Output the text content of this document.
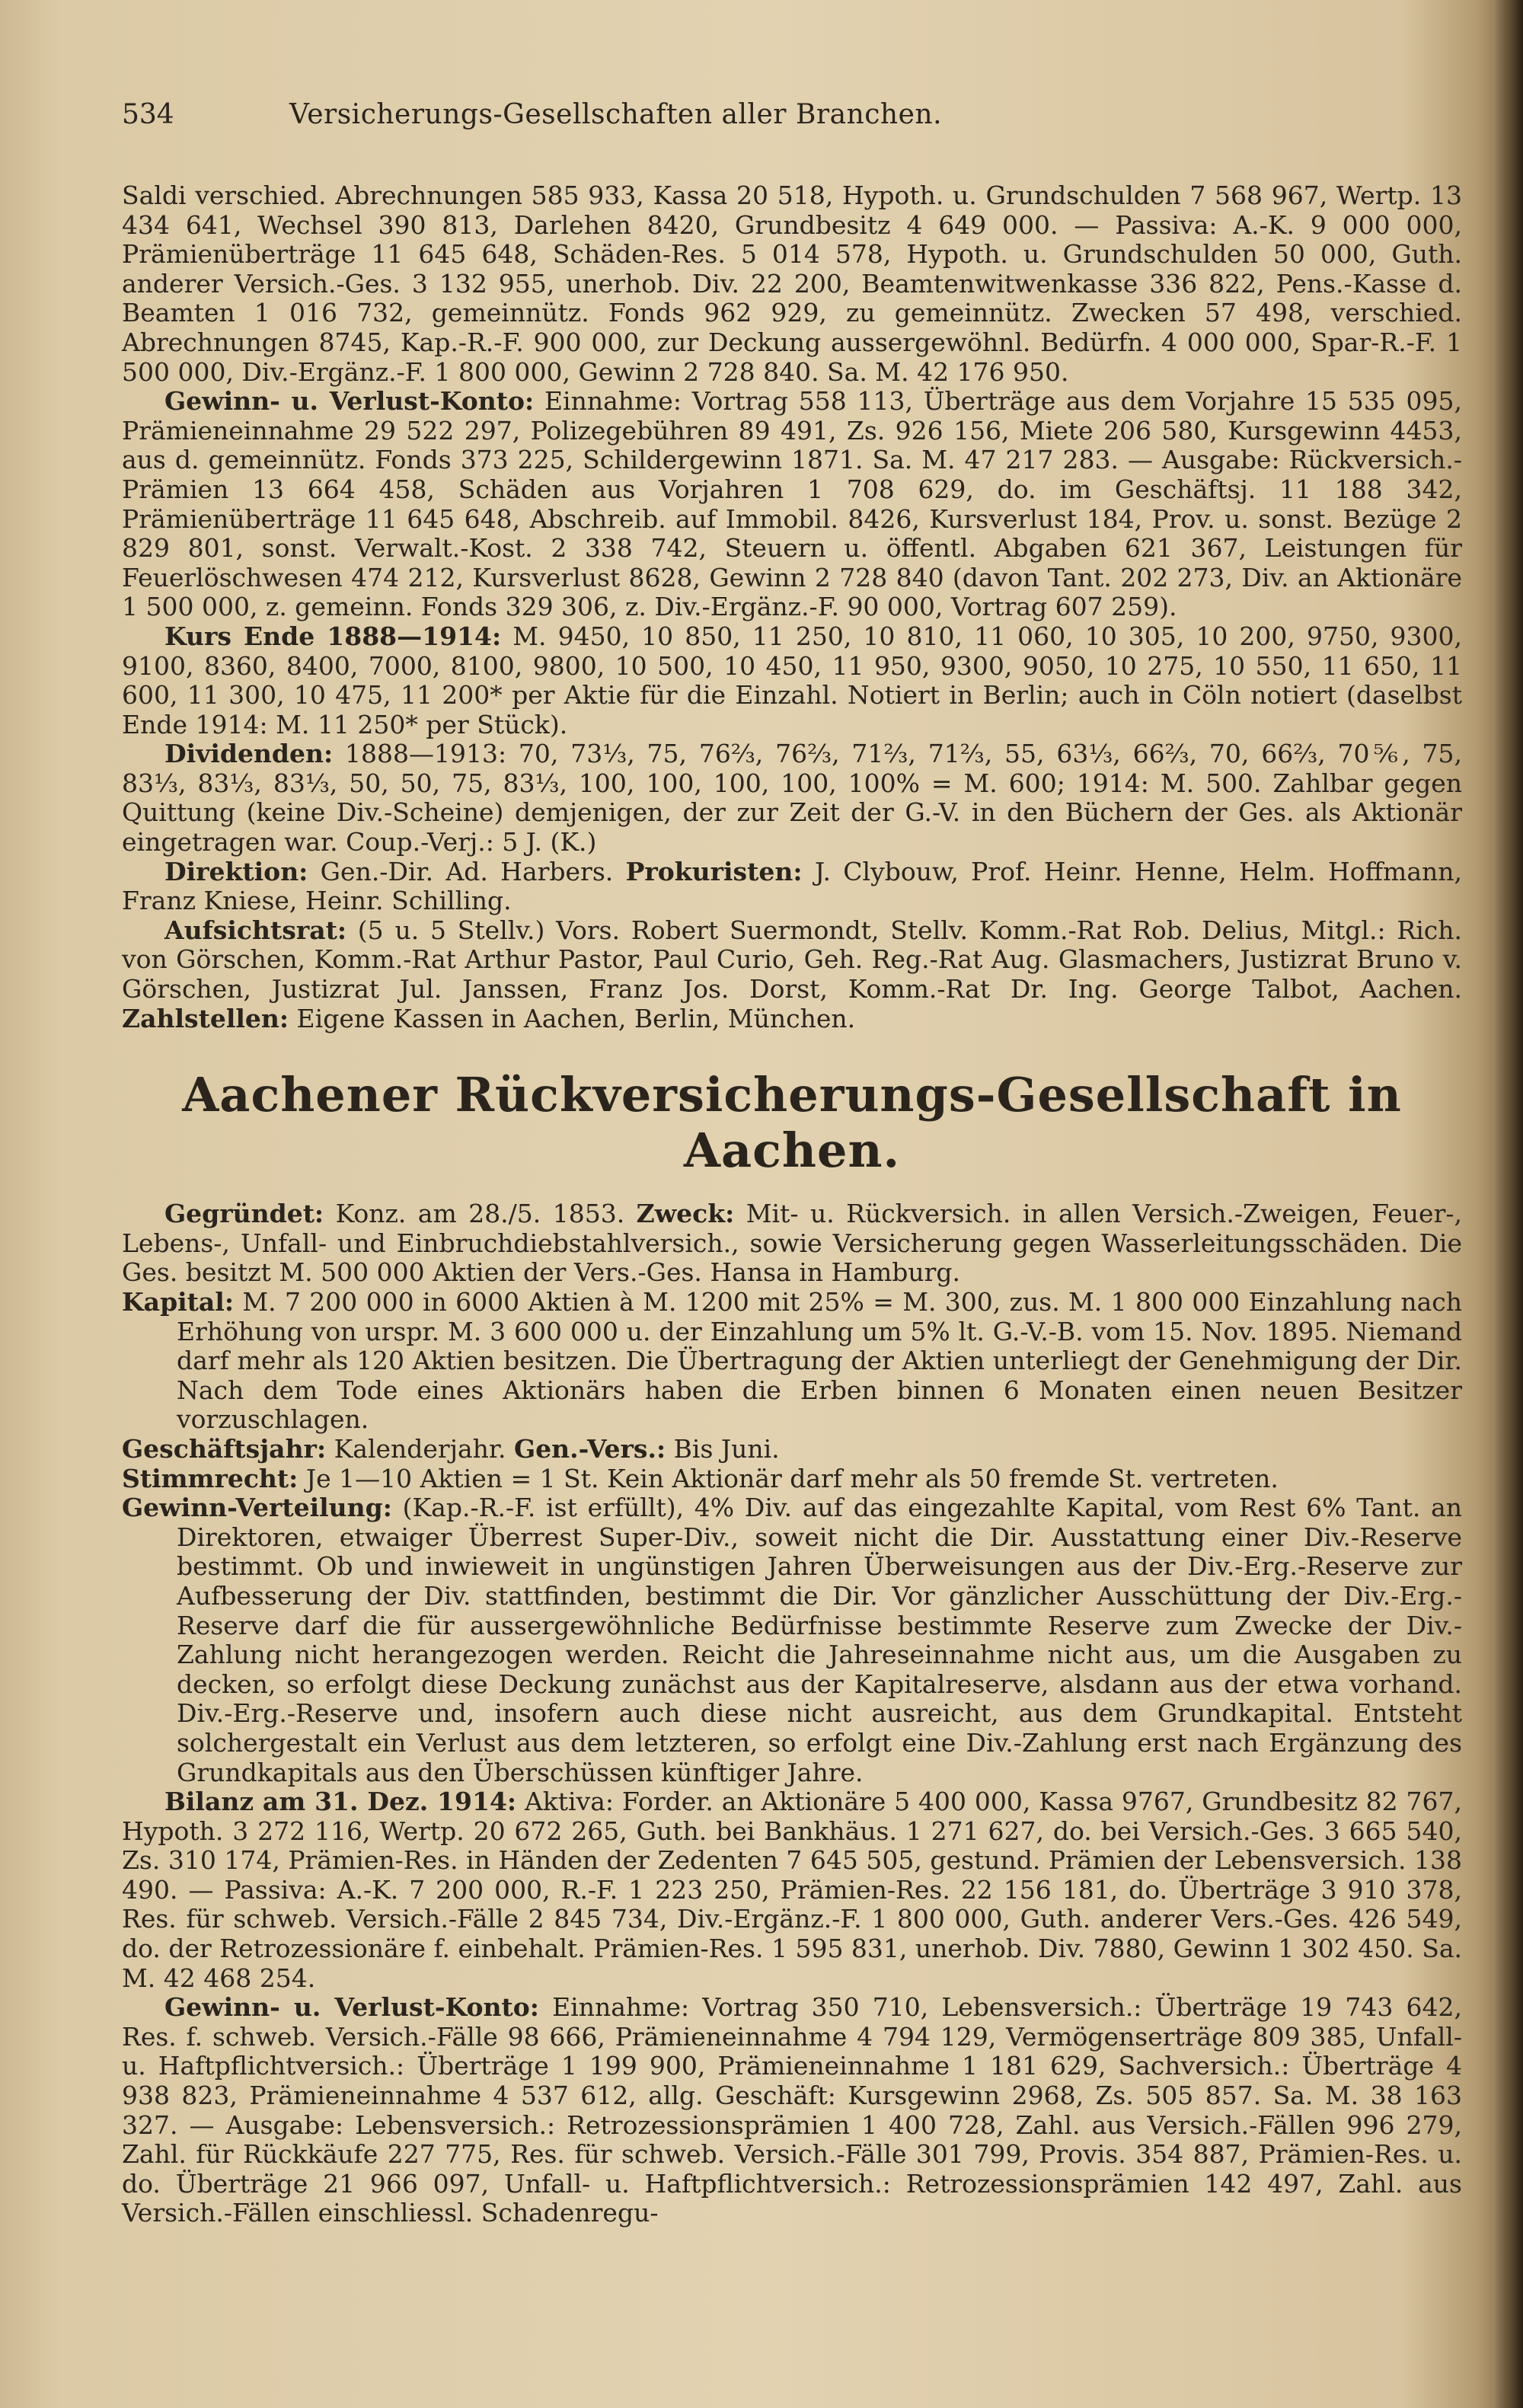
534	Versicherungs-Gesellschaften aller Branchen.

Saldi verschied. Abrechnungen 585 933, Kassa 20 518, Hypoth. u. Grundschulden 7 568 967, Wertp. 13 434 641, Wechsel 390 813, Darlehen 8420, Grundbesitz 4 649 000. — Passiva: A.-K. 9 000 000, Prämienüberträge 11 645 648, Schäden-Res. 5 014 578, Hypoth. u. Grundschulden 50 000, Guth. anderer Versich.-Ges. 3 132 955, unerhob. Div. 22 200, Beamtenwitwenkasse 336 822, Pens.-Kasse d. Beamten 1 016 732, gemeinnütz. Fonds 962 929, zu gemeinnütz. Zwecken 57 498, verschied. Abrechnungen 8745, Kap.-R.-F. 900 000, zur Deckung aussergewöhnl. Bedürfn. 4 000 000, Spar-R.-F. 1 500 000, Div.-Ergänz.-F. 1 800 000, Gewinn 2 728 840. Sa. M. 42 176 950.

Gewinn- u. Verlust-Konto: Einnahme: Vortrag 558 113, Überträge aus dem Vorjahre 15 535 095, Prämieneinnahme 29 522 297, Polizegebühren 89 491, Zs. 926 156, Miete 206 580, Kursgewinn 4453, aus d. gemeinnütz. Fonds 373 225, Schildergewinn 1871. Sa. M. 47 217 283. — Ausgabe: Rückversich.-Prämien 13 664 458, Schäden aus Vorjahren 1 708 629, do. im Geschäftsj. 11 188 342, Prämienüberträge 11 645 648, Abschreib. auf Immobil. 8426, Kursverlust 184, Prov. u. sonst. Bezüge 2 829 801, sonst. Verwalt.-Kost. 2 338 742, Steuern u. öffentl. Abgaben 621 367, Leistungen für Feuerlöschwesen 474 212, Kursverlust 8628, Gewinn 2 728 840 (davon Tant. 202 273, Div. an Aktionäre 1 500 000, z. gemeinn. Fonds 329 306, z. Div.-Ergänz.-F. 90 000, Vortrag 607 259).

Kurs Ende 1888—1914: M. 9450, 10 850, 11 250, 10 810, 11 060, 10 305, 10 200, 9750, 9300, 9100, 8360, 8400, 7000, 8100, 9800, 10 500, 10 450, 11 950, 9300, 9050, 10 275, 10 550, 11 650, 11 600, 11 300, 10 475, 11 200* per Aktie für die Einzahl. Notiert in Berlin; auch in Cöln notiert (daselbst Ende 1914: M. 11 250* per Stück).

Dividenden: 1888—1913: 70, 73⅓, 75, 76⅔, 76⅔, 71⅔, 71⅔, 55, 63⅓, 66⅔, 70, 66⅔, 70⅚, 75, 83⅓, 83⅓, 83⅓, 50, 50, 75, 83⅓, 100, 100, 100, 100, 100% = M. 600; 1914: M. 500. Zahlbar gegen Quittung (keine Div.-Scheine) demjenigen, der zur Zeit der G.-V. in den Büchern der Ges. als Aktionär eingetragen war. Coup.-Verj.: 5 J. (K.)

Direktion: Gen.-Dir. Ad. Harbers. Prokuristen: J. Clybouw, Prof. Heinr. Henne, Helm. Hoffmann, Franz Kniese, Heinr. Schilling.

Aufsichtsrat: (5 u. 5 Stellv.) Vors. Robert Suermondt, Stellv. Komm.-Rat Rob. Delius, Mitgl.: Rich. von Görschen, Komm.-Rat Arthur Pastor, Paul Curio, Geh. Reg.-Rat Aug. Glasmachers, Justizrat Bruno v. Görschen, Justizrat Jul. Janssen, Franz Jos. Dorst, Komm.-Rat Dr. Ing. George Talbot, Aachen. Zahlstellen: Eigene Kassen in Aachen, Berlin, München.

Aachener Rückversicherungs-Gesellschaft in Aachen.

Gegründet: Konz. am 28./5. 1853. Zweck: Mit- u. Rückversich. in allen Versich.-Zweigen, Feuer-, Lebens-, Unfall- und Einbruchdiebstahlversich., sowie Versicherung gegen Wasserleitungsschäden. Die Ges. besitzt M. 500 000 Aktien der Vers.-Ges. Hansa in Hamburg.

Kapital: M. 7 200 000 in 6000 Aktien à M. 1200 mit 25% = M. 300, zus. M. 1 800 000 Einzahlung nach Erhöhung von urspr. M. 3 600 000 u. der Einzahlung um 5% lt. G.-V.-B. vom 15. Nov. 1895. Niemand darf mehr als 120 Aktien besitzen. Die Übertragung der Aktien unterliegt der Genehmigung der Dir. Nach dem Tode eines Aktionärs haben die Erben binnen 6 Monaten einen neuen Besitzer vorzuschlagen.

Geschäftsjahr: Kalenderjahr. Gen.-Vers.: Bis Juni.

Stimmrecht: Je 1—10 Aktien = 1 St. Kein Aktionär darf mehr als 50 fremde St. vertreten.

Gewinn-Verteilung: (Kap.-R.-F. ist erfüllt), 4% Div. auf das eingezahlte Kapital, vom Rest 6% Tant. an Direktoren, etwaiger Überrest Super-Div., soweit nicht die Dir. Ausstattung einer Div.-Reserve bestimmt. Ob und inwieweit in ungünstigen Jahren Überweisungen aus der Div.-Erg.-Reserve zur Aufbesserung der Div. stattfinden, bestimmt die Dir. Vor gänzlicher Ausschüttung der Div.-Erg.-Reserve darf die für aussergewöhnliche Bedürfnisse bestimmte Reserve zum Zwecke der Div.-Zahlung nicht herangezogen werden. Reicht die Jahreseinnahme nicht aus, um die Ausgaben zu decken, so erfolgt diese Deckung zunächst aus der Kapitalreserve, alsdann aus der etwa vorhand. Div.-Erg.-Reserve und, insofern auch diese nicht ausreicht, aus dem Grundkapital. Entsteht solchergestalt ein Verlust aus dem letzteren, so erfolgt eine Div.-Zahlung erst nach Ergänzung des Grundkapitals aus den Überschüssen künftiger Jahre.

Bilanz am 31. Dez. 1914: Aktiva: Forder. an Aktionäre 5 400 000, Kassa 9767, Grundbesitz 82 767, Hypoth. 3 272 116, Wertp. 20 672 265, Guth. bei Bankhäus. 1 271 627, do. bei Versich.-Ges. 3 665 540, Zs. 310 174, Prämien-Res. in Händen der Zedenten 7 645 505, gestund. Prämien der Lebensversich. 138 490. — Passiva: A.-K. 7 200 000, R.-F. 1 223 250, Prämien-Res. 22 156 181, do. Überträge 3 910 378, Res. für schweb. Versich.-Fälle 2 845 734, Div.-Ergänz.-F. 1 800 000, Guth. anderer Vers.-Ges. 426 549, do. der Retrozessionäre f. einbehalt. Prämien-Res. 1 595 831, unerhob. Div. 7880, Gewinn 1 302 450. Sa. M. 42 468 254.

Gewinn- u. Verlust-Konto: Einnahme: Vortrag 350 710, Lebensversich.: Überträge 19 743 642, Res. f. schweb. Versich.-Fälle 98 666, Prämieneinnahme 4 794 129, Vermögenserträge 809 385, Unfall- u. Haftpflichtversich.: Überträge 1 199 900, Prämieneinnahme 1 181 629, Sachversich.: Überträge 4 938 823, Prämieneinnahme 4 537 612, allg. Geschäft: Kursgewinn 2968, Zs. 505 857. Sa. M. 38 163 327. — Ausgabe: Lebensversich.: Retrozessionsprämien 1 400 728, Zahl. aus Versich.-Fällen 996 279, Zahl. für Rückkäufe 227 775, Res. für schweb. Versich.-Fälle 301 799, Provis. 354 887, Prämien-Res. u. do. Überträge 21 966 097, Unfall- u. Haftpflichtversich.: Retrozessionsprämien 142 497, Zahl. aus Versich.-Fällen einschliessl. Schadenregu-
